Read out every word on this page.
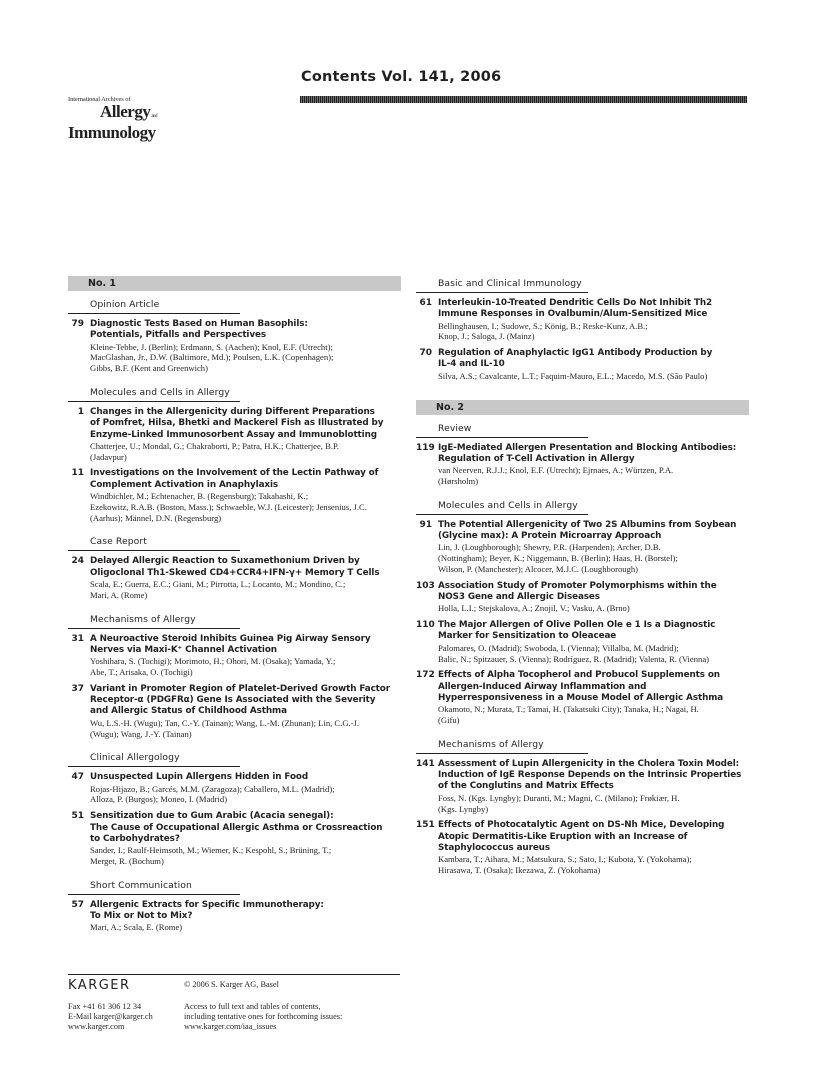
International Archives of
Allergyand
Immunology
Contents Vol. 141, 2006
No. 1
Opinion Article
79 Diagnostic Tests Based on Human Basophils:
Potentials, Pitfalls and Perspectives
Kleine-Tebbe, J. (Berlin); Erdmann, S. (Aachen); Knol, E.F. (Utrecht);
MacGlashan, Jr., D.W. (Baltimore, Md.); Poulsen, L.K. (Copenhagen);
Gibbs, B.F. (Kent and Greenwich)
Molecules and Cells in Allergy
1 Changes in the Allergenicity during Different Preparations
of Pomfret, Hilsa, Bhetki and Mackerel Fish as Illustrated by
Enzyme-Linked Immunosorbent Assay and Immunoblotting
Chatterjee, U.; Mondal, G.; Chakraborti, P.; Patra, H.K.; Chatterjee, B.P.
(Jadavpur)
11 Investigations on the Involvement of the Lectin Pathway of
Complement Activation in Anaphylaxis
Windbichler, M.; Echtenacher, B. (Regensburg); Takahashi, K.;
Ezekowitz, R.A.B. (Boston, Mass.); Schwaeble, W.J. (Leicester); Jensenius, J.C.
(Aarhus); Männel, D.N. (Regensburg)
Case Report
24 Delayed Allergic Reaction to Suxamethonium Driven by
Oligoclonal Th1-Skewed CD4+CCR4+IFN-γ+ Memory T Cells
Scala, E.; Guerra, E.C.; Giani, M.; Pirrotta, L.; Locanto, M.; Mondino, C.;
Mari, A. (Rome)
Mechanisms of Allergy
31 A Neuroactive Steroid Inhibits Guinea Pig Airway Sensory
Nerves via Maxi-K⁺ Channel Activation
Yoshihara, S. (Tochigi); Morimoto, H.; Ohori, M. (Osaka); Yamada, Y.;
Abe, T.; Arisaka, O. (Tochigi)
37 Variant in Promoter Region of Platelet-Derived Growth Factor
Receptor-α (PDGFRα) Gene Is Associated with the Severity
and Allergic Status of Childhood Asthma
Wu, L.S.-H. (Wugu); Tan, C.-Y. (Tainan); Wang, L.-M. (Zhunan); Lin, C.G.-J.
(Wugu); Wang, J.-Y. (Tainan)
Clinical Allergology
47 Unsuspected Lupin Allergens Hidden in Food
Rojas-Hijazo, B.; Garcés, M.M. (Zaragoza); Caballero, M.L. (Madrid);
Alloza, P. (Burgos); Moneo, I. (Madrid)
51 Sensitization due to Gum Arabic (Acacia senegal):
The Cause of Occupational Allergic Asthma or Crossreaction
to Carbohydrates?
Sander, I.; Raulf-Heimsoth, M.; Wiemer, K.; Kespohl, S.; Brüning, T.;
Merget, R. (Bochum)
Short Communication
57 Allergenic Extracts for Specific Immunotherapy:
To Mix or Not to Mix?
Mari, A.; Scala, E. (Rome)
Basic and Clinical Immunology
61 Interleukin-10-Treated Dendritic Cells Do Not Inhibit Th2
Immune Responses in Ovalbumin/Alum-Sensitized Mice
Bellinghausen, I.; Sudowe, S.; König, B.; Reske-Kunz, A.B.;
Knop, J.; Saloga, J. (Mainz)
70 Regulation of Anaphylactic IgG1 Antibody Production by
IL-4 and IL-10
Silva, A.S.; Cavalcante, L.T.; Faquim-Mauro, E.L.; Macedo, M.S. (São Paulo)
No. 2
Review
119 IgE-Mediated Allergen Presentation and Blocking Antibodies:
Regulation of T-Cell Activation in Allergy
van Neerven, R.J.J.; Knol, E.F. (Utrecht); Ejrnaes, A.; Würtzen, P.A.
(Hørsholm)
Molecules and Cells in Allergy
91 The Potential Allergenicity of Two 2S Albumins from Soybean
(Glycine max): A Protein Microarray Approach
Lin, J. (Loughborough); Shewry, P.R. (Harpenden); Archer, D.B.
(Nottingham); Beyer, K.; Niggemann, B. (Berlin); Haas, H. (Borstel);
Wilson, P. (Manchester); Alcocer, M.J.C. (Loughborough)
103 Association Study of Promoter Polymorphisms within the
NOS3 Gene and Allergic Diseases
Holla, L.I.; Stejskalova, A.; Znojil, V.; Vasku, A. (Brno)
110 The Major Allergen of Olive Pollen Ole e 1 Is a Diagnostic
Marker for Sensitization to Oleaceae
Palomares, O. (Madrid); Swoboda, I. (Vienna); Villalba, M. (Madrid);
Balic, N.; Spitzauer, S. (Vienna); Rodríguez, R. (Madrid); Valenta, R. (Vienna)
172 Effects of Alpha Tocopherol and Probucol Supplements on
Allergen-Induced Airway Inflammation and
Hyperresponsiveness in a Mouse Model of Allergic Asthma
Okamoto, N.; Murata, T.; Tamai, H. (Takatsuki City); Tanaka, H.; Nagai, H.
(Gifu)
Mechanisms of Allergy
141 Assessment of Lupin Allergenicity in the Cholera Toxin Model:
Induction of IgE Response Depends on the Intrinsic Properties
of the Conglutins and Matrix Effects
Foss, N. (Kgs. Lyngby); Duranti, M.; Magni, C. (Milano); Frøkiær, H.
(Kgs. Lyngby)
151 Effects of Photocatalytic Agent on DS-Nh Mice, Developing
Atopic Dermatitis-Like Eruption with an Increase of
Staphylococcus aureus
Kambara, T.; Aihara, M.; Matsukura, S.; Sato, I.; Kubota, Y. (Yokohama);
Hirasawa, T. (Osaka); Ikezawa, Z. (Yokohama)
KARGER
Fax +41 61 306 12 34
E-Mail karger@karger.ch
www.karger.com
© 2006 S. Karger AG, Basel
Access to full text and tables of contents,
including tentative ones for forthcoming issues:
www.karger.com/iaa_issues
